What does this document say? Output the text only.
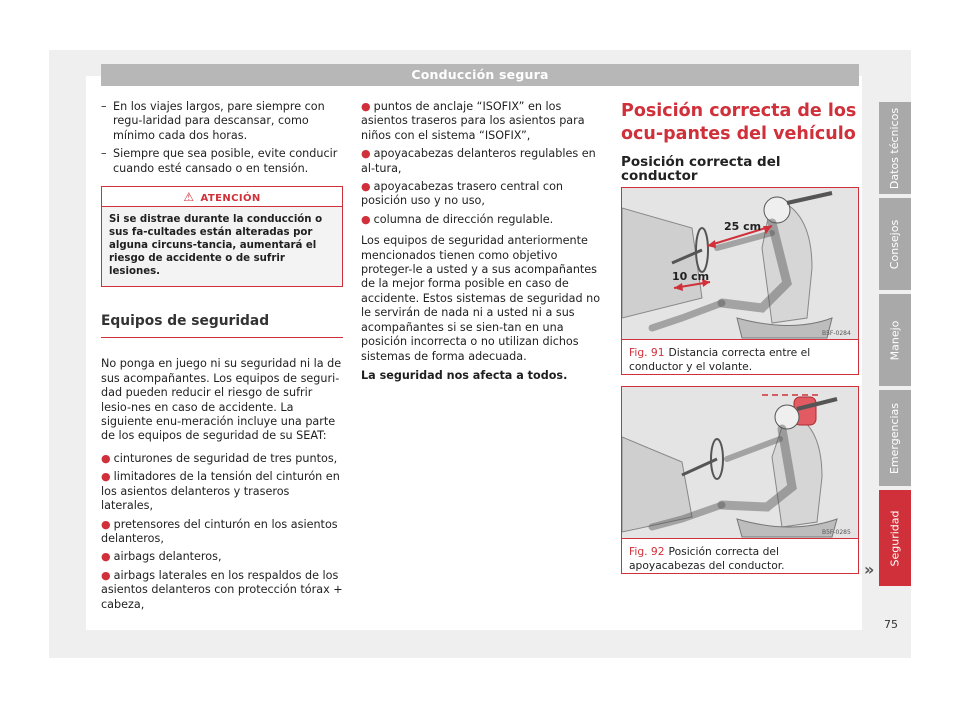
Conducción segura
– En los viajes largos, pare siempre con regu-laridad para descansar, como mínimo cada dos horas.
– Siempre que sea posible, evite conducir cuando esté cansado o en tensión.
⚠ ATENCIÓN
Si se distrae durante la conducción o sus fa-cultades están alteradas por alguna circuns-tancia, aumentará el riesgo de accidente o de sufrir lesiones.
Equipos de seguridad
No ponga en juego ni su seguridad ni la de sus acompañantes. Los equipos de seguri-dad pueden reducir el riesgo de sufrir lesio-nes en caso de accidente. La siguiente enu-meración incluye una parte de los equipos de seguridad de su SEAT:
● cinturones de seguridad de tres puntos,
● limitadores de la tensión del cinturón en los asientos delanteros y traseros laterales,
● pretensores del cinturón en los asientos delanteros,
● airbags delanteros,
● airbags laterales en los respaldos de los asientos delanteros con protección tórax + cabeza,
● puntos de anclaje “ISOFIX” en los asientos traseros para los asientos para niños con el sistema “ISOFIX”,
● apoyacabezas delanteros regulables en al-tura,
● apoyacabezas trasero central con posición uso y no uso,
● columna de dirección regulable.
Los equipos de seguridad anteriormente mencionados tienen como objetivo proteger-le a usted y a sus acompañantes de la mejor forma posible en caso de accidente. Estos sistemas de seguridad no le servirán de nada ni a usted ni a sus acompañantes si se sien-tan en una posición incorrecta o no utilizan dichos sistemas de forma adecuada.
La seguridad nos afecta a todos.
Posición correcta de los ocu-pantes del vehículo
Posición correcta del conductor
25 cm
10 cm
B5F-0284
Fig. 91 Distancia correcta entre el conductor y el volante.
B5F-0285
Fig. 92 Posición correcta del apoyacabezas del conductor.	»
Datos técnicos
Consejos
Manejo
Emergencias
Seguridad
75
